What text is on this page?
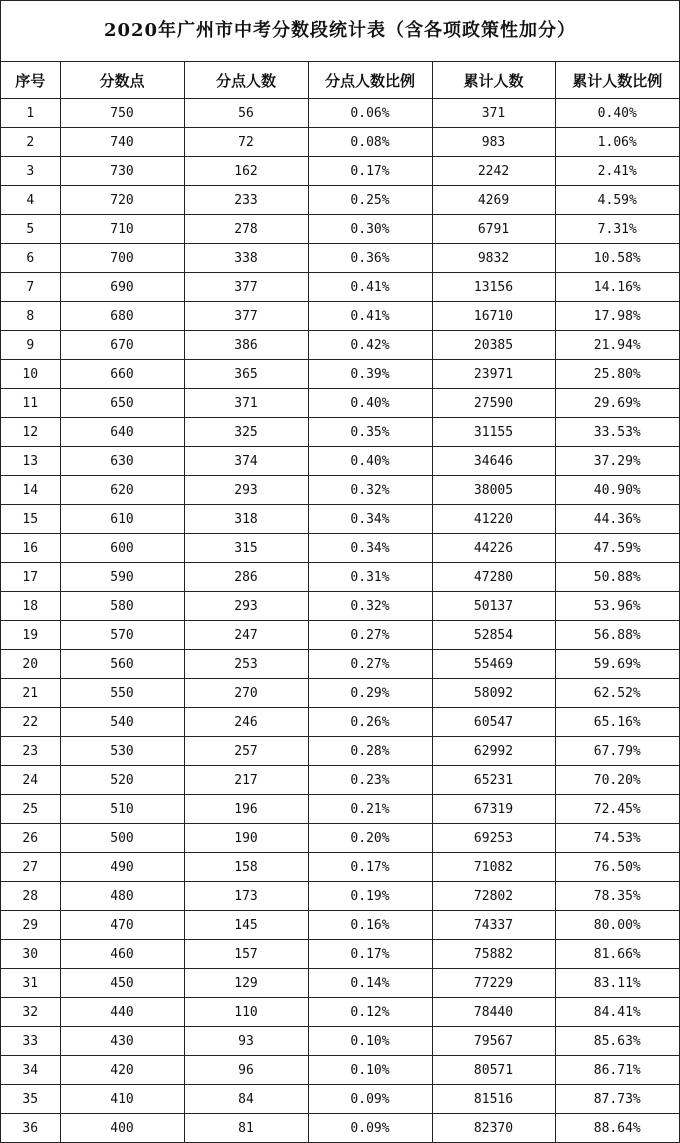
2020年广州市中考分数段统计表（含各项政策性加分）
序号	分数点	分点人数	分点人数比例	累计人数	累计人数比例
1	750	56	0.06%	371	0.40%
2	740	72	0.08%	983	1.06%
3	730	162	0.17%	2242	2.41%
4	720	233	0.25%	4269	4.59%
5	710	278	0.30%	6791	7.31%
6	700	338	0.36%	9832	10.58%
7	690	377	0.41%	13156	14.16%
8	680	377	0.41%	16710	17.98%
9	670	386	0.42%	20385	21.94%
10	660	365	0.39%	23971	25.80%
11	650	371	0.40%	27590	29.69%
12	640	325	0.35%	31155	33.53%
13	630	374	0.40%	34646	37.29%
14	620	293	0.32%	38005	40.90%
15	610	318	0.34%	41220	44.36%
16	600	315	0.34%	44226	47.59%
17	590	286	0.31%	47280	50.88%
18	580	293	0.32%	50137	53.96%
19	570	247	0.27%	52854	56.88%
20	560	253	0.27%	55469	59.69%
21	550	270	0.29%	58092	62.52%
22	540	246	0.26%	60547	65.16%
23	530	257	0.28%	62992	67.79%
24	520	217	0.23%	65231	70.20%
25	510	196	0.21%	67319	72.45%
26	500	190	0.20%	69253	74.53%
27	490	158	0.17%	71082	76.50%
28	480	173	0.19%	72802	78.35%
29	470	145	0.16%	74337	80.00%
30	460	157	0.17%	75882	81.66%
31	450	129	0.14%	77229	83.11%
32	440	110	0.12%	78440	84.41%
33	430	93	0.10%	79567	85.63%
34	420	96	0.10%	80571	86.71%
35	410	84	0.09%	81516	87.73%
36	400	81	0.09%	82370	88.64%
